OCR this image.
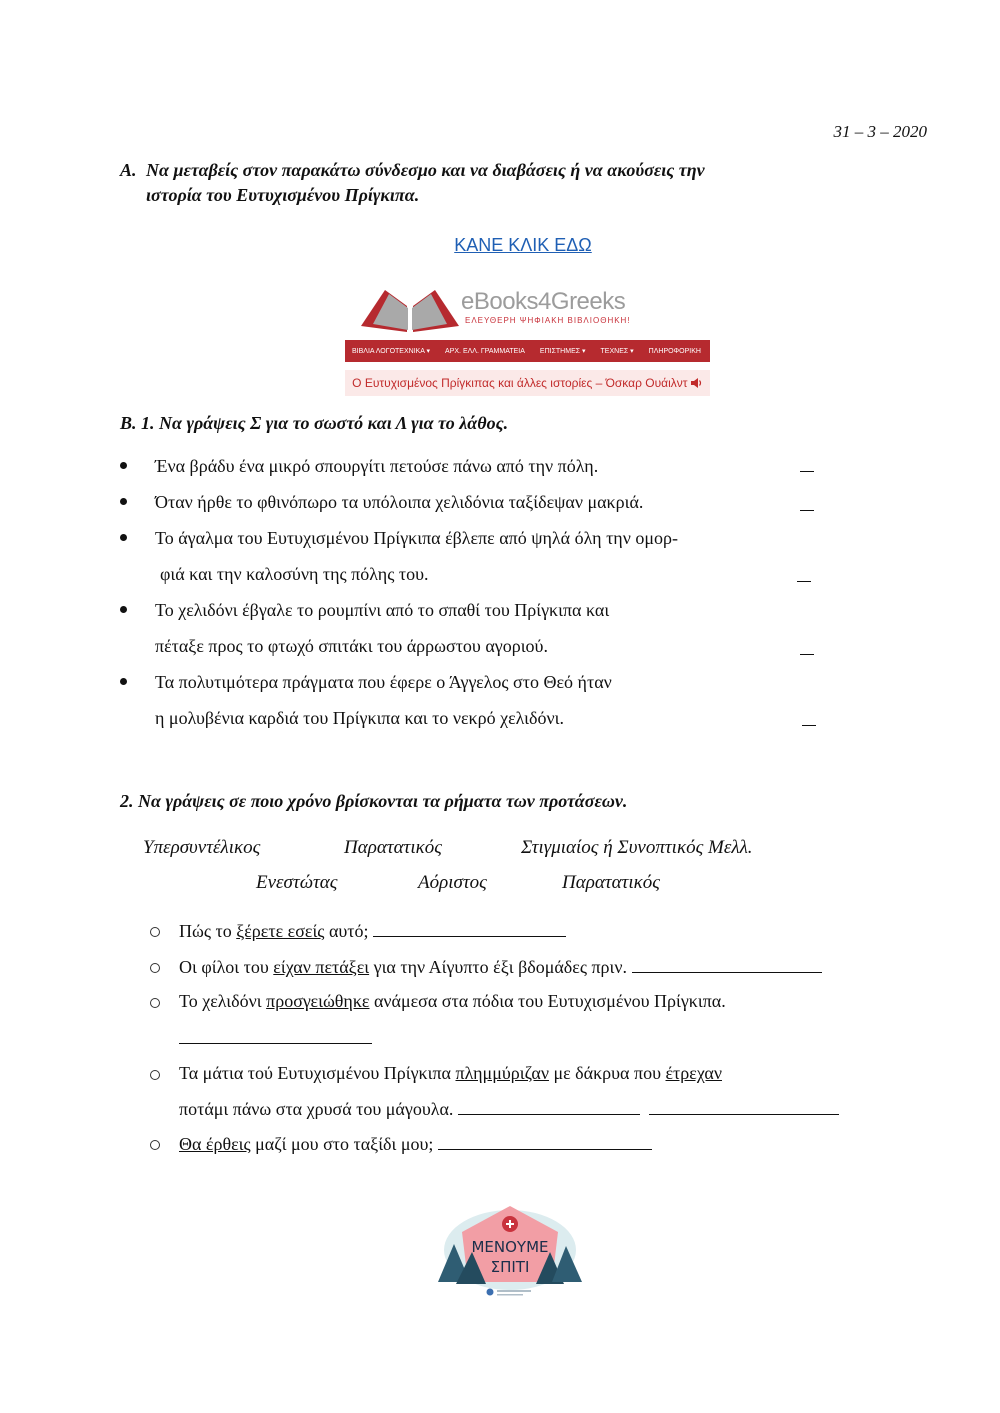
31 – 3 – 2020
Α. Να μεταβείς στον παρακάτω σύνδεσμο και να διαβάσεις ή να ακούσεις την
ιστορία του Ευτυχισμένου Πρίγκιπα.
ΚΑΝΕ ΚΛΙΚ ΕΔΩ
eBooks4Greeks
ΕΛΕΥΘΕΡΗ ΨΗΦΙΑΚΗ ΒΙΒΛΙΟΘΗΚΗ!
ΒΙΒΛΙΑ ΛΟΓΟΤΕΧΝΙΚΑ ▾ ΑΡΧ. ΕΛΛ. ΓΡΑΜΜΑΤΕΙΑ ΕΠΙΣΤΗΜΕΣ ▾ ΤΕΧΝΕΣ ▾ ΠΛΗΡΟΦΟΡΙΚΗ
Ο Ευτυχισμένος Πρίγκιπας και άλλες ιστορίες – Όσκαρ Ουάιλντ
Β. 1. Να γράψεις Σ για το σωστό και Λ για το λάθος.
Ένα βράδυ ένα μικρό σπουργίτι πετούσε πάνω από την πόλη.
Όταν ήρθε το φθινόπωρο τα υπόλοιπα χελιδόνια ταξίδεψαν μακριά.
Το άγαλμα του Ευτυχισμένου Πρίγκιπα έβλεπε από ψηλά όλη την ομορ-
φιά και την καλοσύνη της πόλης του.
Το χελιδόνι έβγαλε το ρουμπίνι από το σπαθί του Πρίγκιπα και
πέταξε προς το φτωχό σπιτάκι του άρρωστου αγοριού.
Τα πολυτιμότερα πράγματα που έφερε ο Άγγελος στο Θεό ήταν
η μολυβένια καρδιά του Πρίγκιπα και το νεκρό χελιδόνι.
2. Να γράψεις σε ποιο χρόνο βρίσκονται τα ρήματα των προτάσεων.
Υπερσυντέλικος	Παρατατικός	Στιγμιαίος ή Συνοπτικός Μελλ.
Ενεστώτας	Αόριστος	Παρατατικός
Πώς το ξέρετε εσείς αυτό;
Οι φίλοι του είχαν πετάξει για την Αίγυπτο έξι βδομάδες πριν.
Το χελιδόνι προσγειώθηκε ανάμεσα στα πόδια του Ευτυχισμένου Πρίγκιπα.
Τα μάτια τού Ευτυχισμένου Πρίγκιπα πλημμύριζαν με δάκρυα που έτρεχαν
ποτάμι πάνω στα χρυσά του μάγουλα.
Θα έρθεις μαζί μου στο ταξίδι μου;
ΜΕΝΟΥΜΕ
ΣΠΙΤΙ
